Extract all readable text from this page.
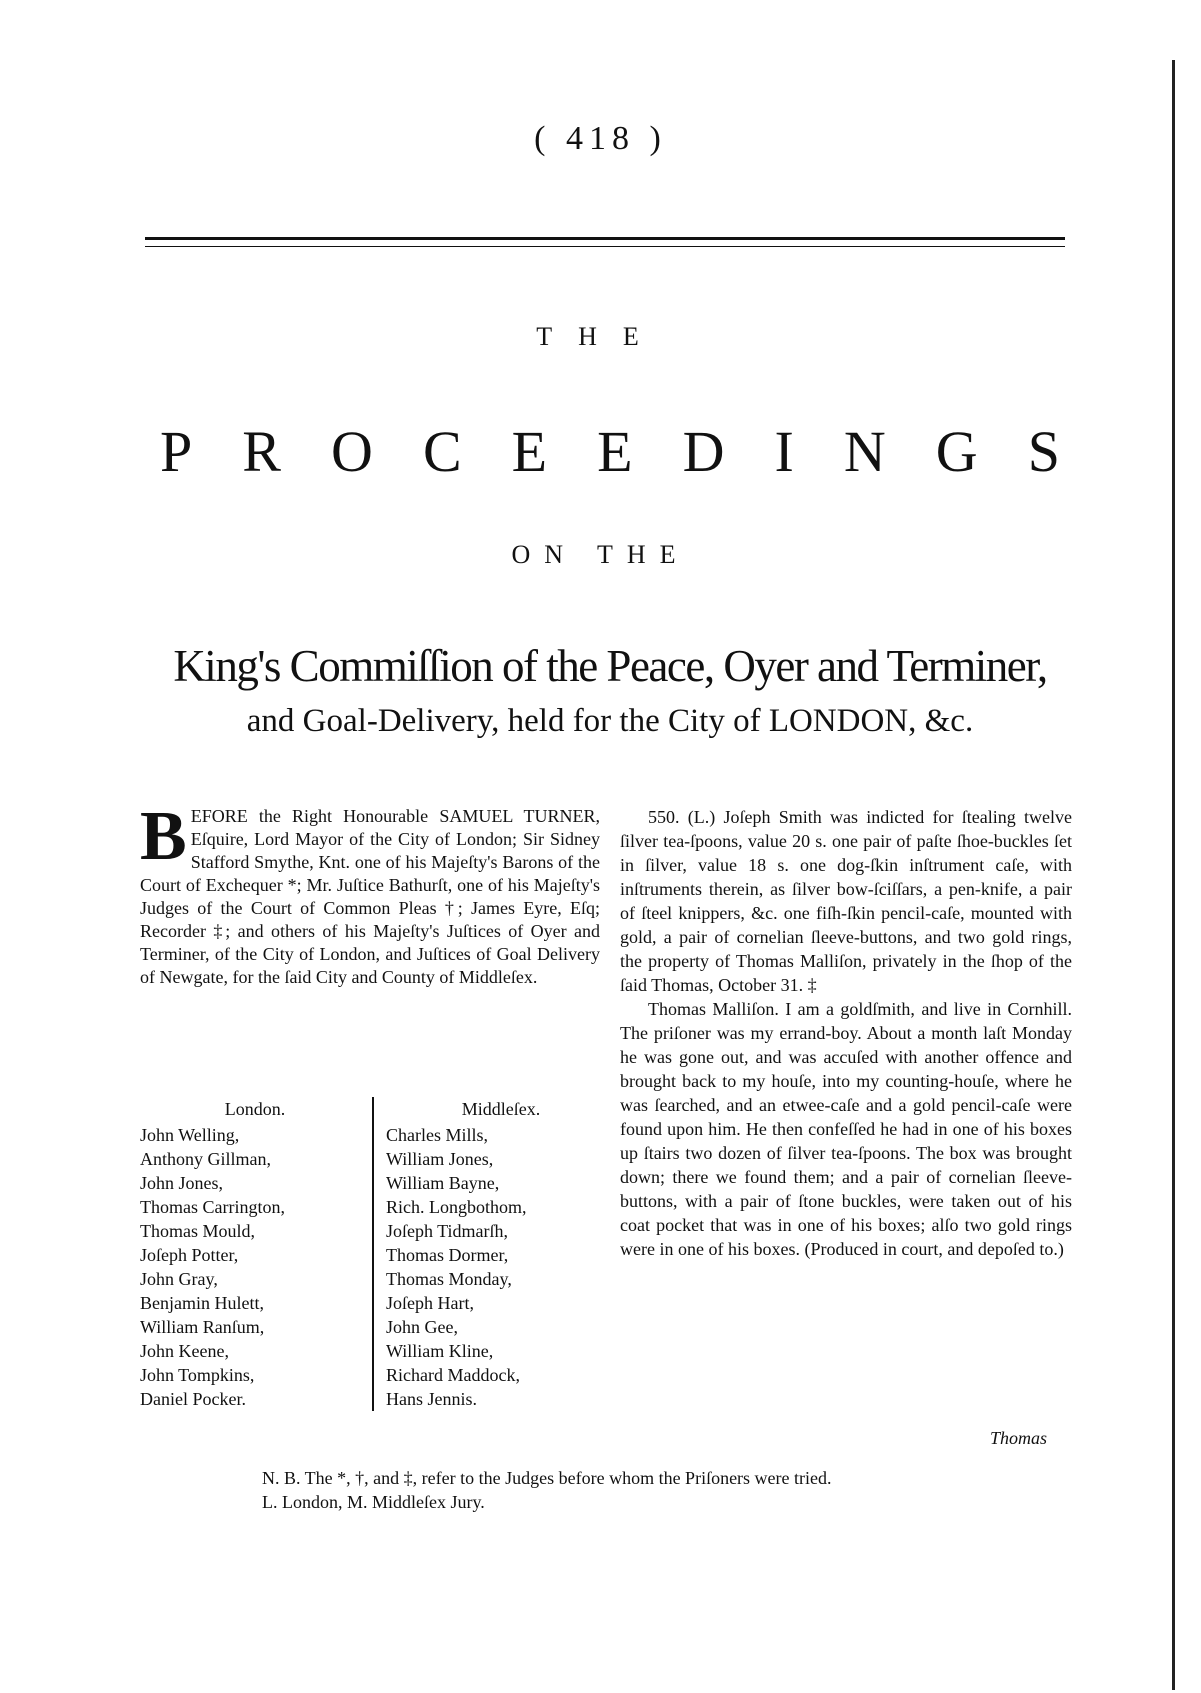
( 418 )
THE
P R O C E E D I N G S
ON THE
King's Commiſſion of the Peace, Oyer and Terminer,
and Goal-Delivery, held for the City of LONDON, &c.
BEFORE the Right Honourable SAMUEL TURNER, Eſquire, Lord Mayor of the City of London; Sir Sidney Stafford Smythe, Knt. one of his Majeſty's Barons of the Court of Exchequer *; Mr. Juſtice Bathurſt, one of his Majeſty's Judges of the Court of Common Pleas †; James Eyre, Eſq; Recorder ‡; and others of his Majeſty's Juſtices of Oyer and Terminer, of the City of London, and Juſtices of Goal Delivery of Newgate, for the ſaid City and County of Middleſex.
London.
John Welling,
Anthony Gillman,
John Jones,
Thomas Carrington,
Thomas Mould,
Joſeph Potter,
John Gray,
Benjamin Hulett,
William Ranſum,
John Keene,
John Tompkins,
Daniel Pocker.
Middleſex.
Charles Mills,
William Jones,
William Bayne,
Rich. Longbothom,
Joſeph Tidmarſh,
Thomas Dormer,
Thomas Monday,
Joſeph Hart,
John Gee,
William Kline,
Richard Maddock,
Hans Jennis.

550. (L.) Joſeph Smith was indicted for ſtealing twelve ſilver tea-ſpoons, value 20 s. one pair of paſte ſhoe-buckles ſet in ſilver, value 18 s. one dog-ſkin inſtrument caſe, with inſtruments therein, as ſilver bow-ſciſſars, a pen-knife, a pair of ſteel knippers, &c. one fiſh-ſkin pencil-caſe, mounted with gold, a pair of cornelian ſleeve-buttons, and two gold rings, the property of Thomas Malliſon, privately in the ſhop of the ſaid Thomas, October 31. ‡

Thomas Malliſon. I am a goldſmith, and live in Cornhill. The priſoner was my errand-boy. About a month laſt Monday he was gone out, and was accuſed with another offence and brought back to my houſe, into my counting-houſe, where he was ſearched, and an etwee-caſe and a gold pencil-caſe were found upon him. He then confeſſed he had in one of his boxes up ſtairs two dozen of ſilver tea-ſpoons. The box was brought down; there we found them; and a pair of cornelian ſleeve-buttons, with a pair of ſtone buckles, were taken out of his coat pocket that was in one of his boxes; alſo two gold rings were in one of his boxes. (Produced in court, and depoſed to.)

Thomas
N. B. The *, †, and ‡, refer to the Judges before whom the Priſoners were tried.
L. London, M. Middleſex Jury.
